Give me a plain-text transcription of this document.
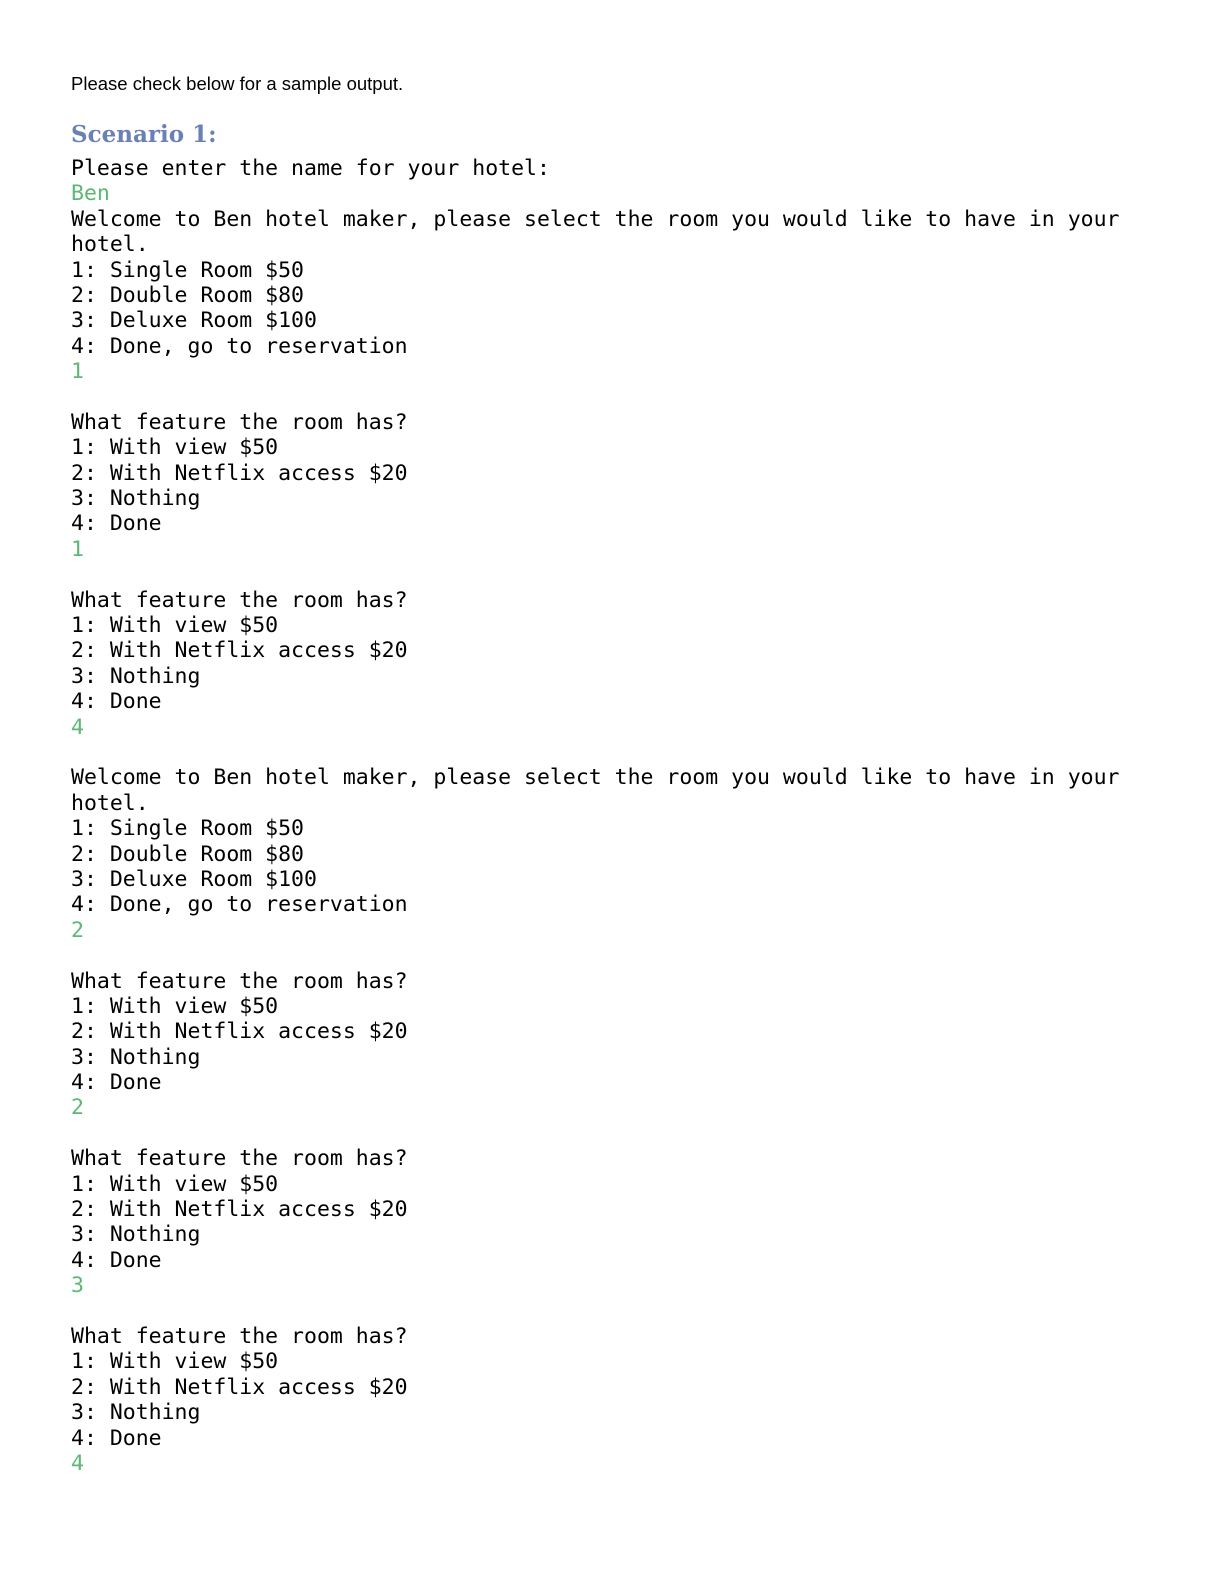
Please check below for a sample output.
Scenario 1:
Please enter the name for your hotel:
Ben
Welcome to Ben hotel maker, please select the room you would like to have in your
hotel.
1: Single Room $50
2: Double Room $80
3: Deluxe Room $100
4: Done, go to reservation
1
What feature the room has?
1: With view $50
2: With Netflix access $20
3: Nothing
4: Done
1
What feature the room has?
1: With view $50
2: With Netflix access $20
3: Nothing
4: Done
4
Welcome to Ben hotel maker, please select the room you would like to have in your
hotel.
1: Single Room $50
2: Double Room $80
3: Deluxe Room $100
4: Done, go to reservation
2
What feature the room has?
1: With view $50
2: With Netflix access $20
3: Nothing
4: Done
2
What feature the room has?
1: With view $50
2: With Netflix access $20
3: Nothing
4: Done
3
What feature the room has?
1: With view $50
2: With Netflix access $20
3: Nothing
4: Done
4
